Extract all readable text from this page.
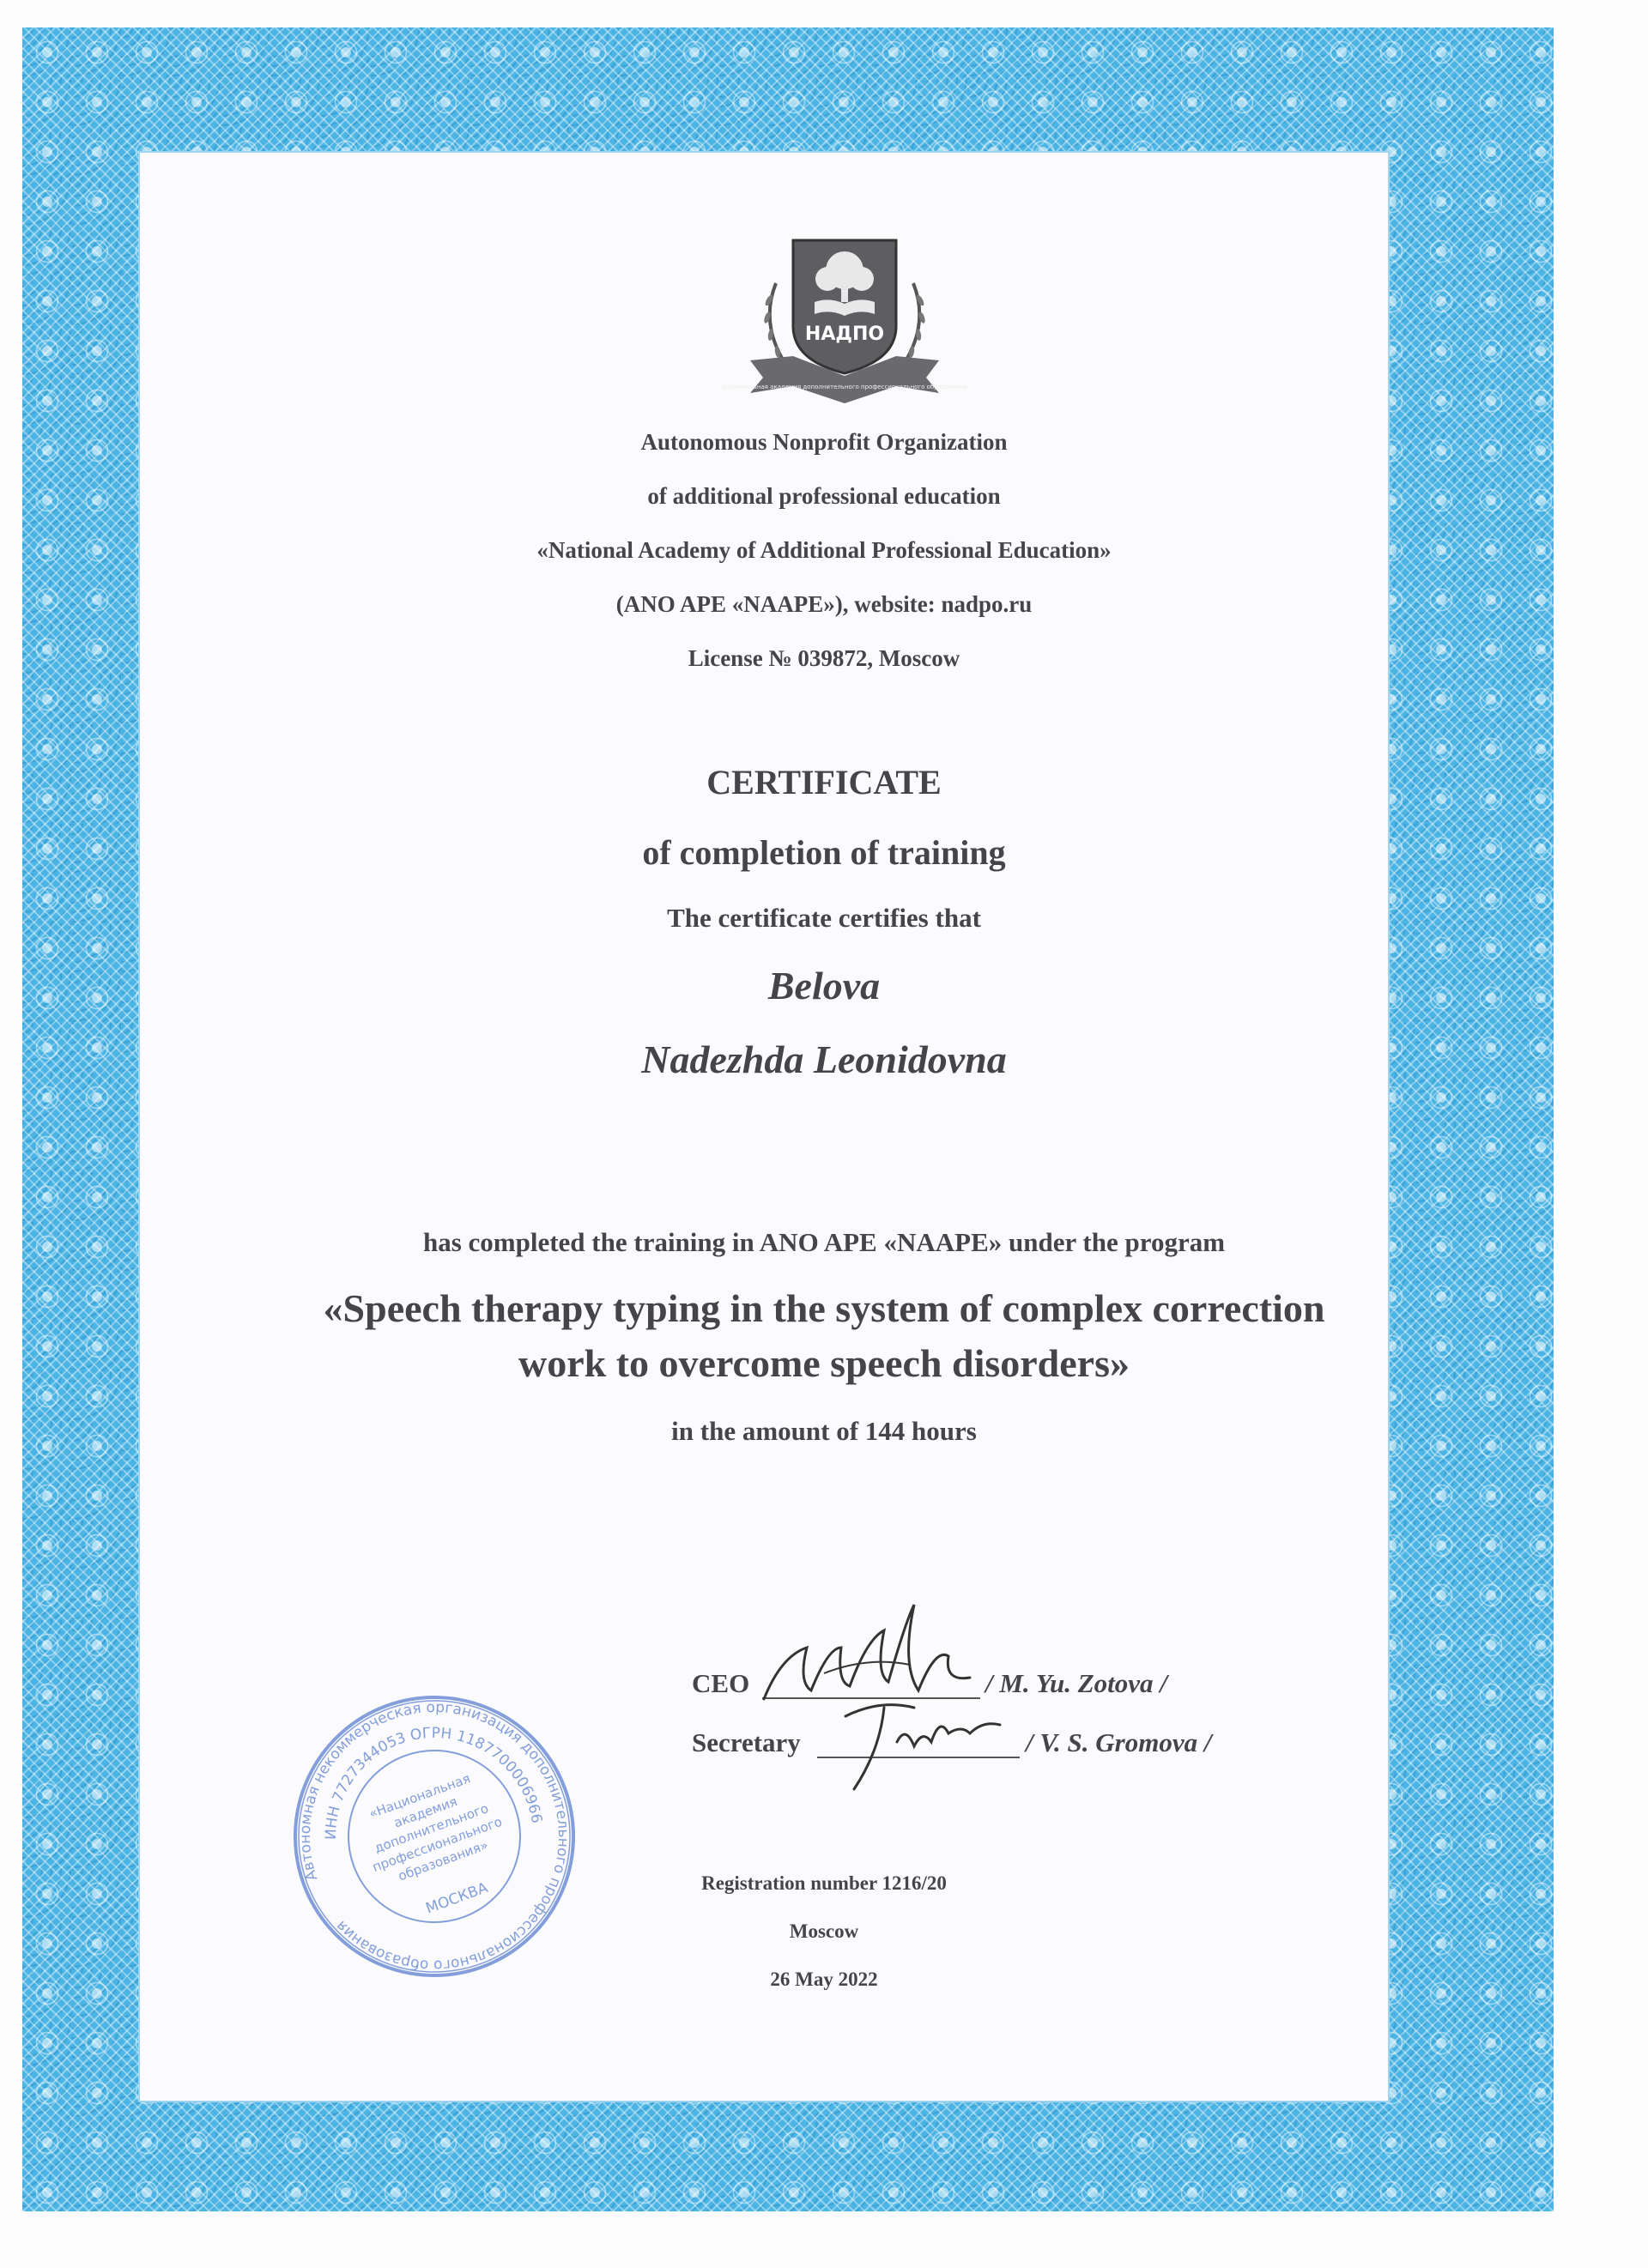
Национальная академия дополнительного профессионального образования
НАДПО
Autonomous Nonprofit Organization
of additional professional education
«National Academy of Additional Professional Education»
(ANO APE «NAAPE»), website: nadpo.ru
License № 039872, Moscow
CERTIFICATE
of completion of training
The certificate certifies that
Belova
Nadezhda Leonidovna
has completed the training in ANO APE «NAAPE» under the program
«Speech therapy typing in the system of complex correction
work to overcome speech disorders»
in the amount of 144 hours
CEO	/ M. Yu. Zotova /
Secretary	/ V. S. Gromova /
Автономная некоммерческая организация дополнительного профессионального образования
ИНН 7727344053 ОГРН 1187700006966
«Национальная академия дополнительного профессионального образования»
МОСКВА	Registration number 1216/20
Moscow
26 May 2022
